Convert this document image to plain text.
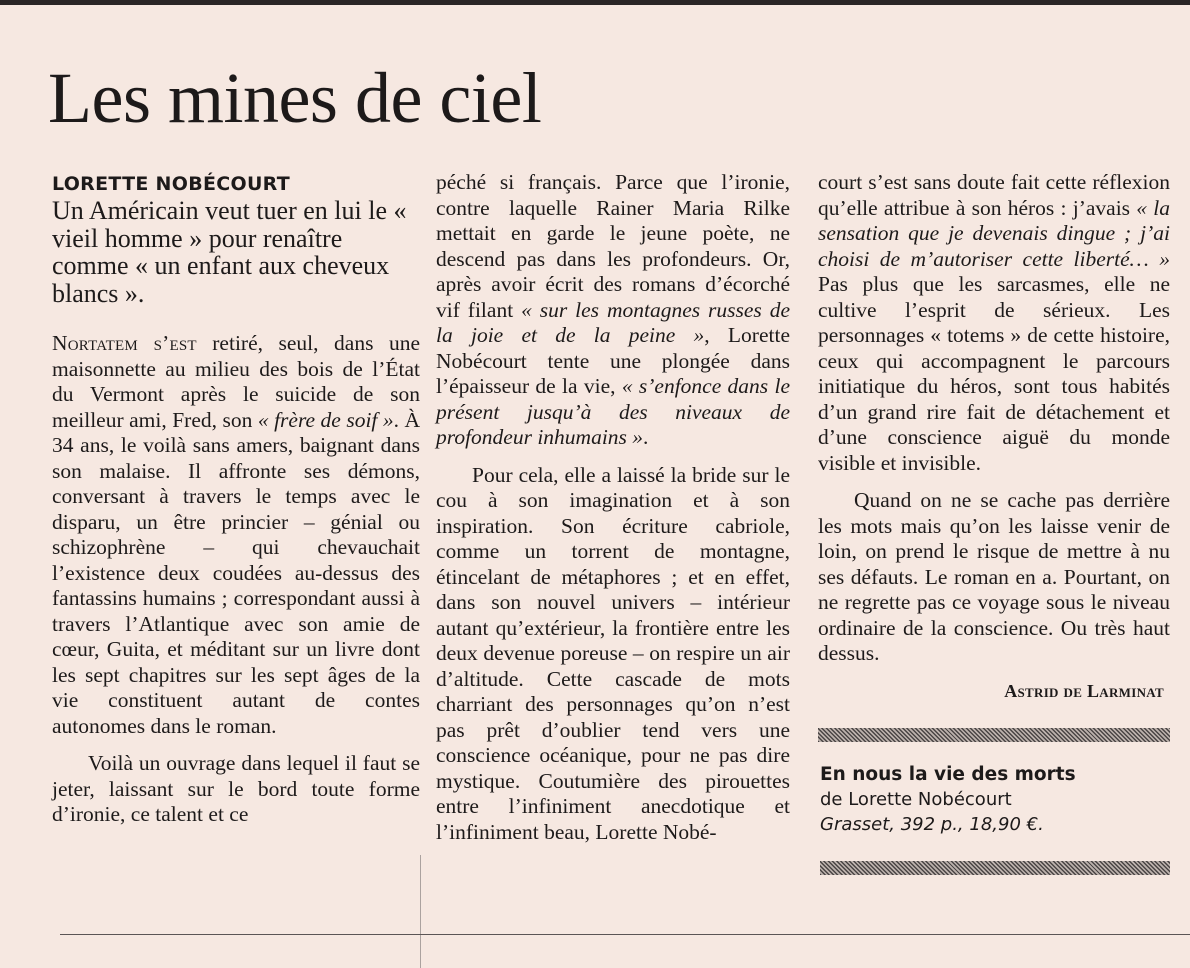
Les mines de ciel
LORETTE NOBÉCOURT
Un Américain veut tuer en lui le « vieil homme » pour renaître comme « un enfant aux cheveux blancs ».

Nortatem s’est retiré, seul, dans une maisonnette au milieu des bois de l’État du Vermont après le suicide de son meilleur ami, Fred, son « frère de soif ». À 34 ans, le voilà sans amers, baignant dans son malaise. Il affronte ses démons, conversant à travers le temps avec le disparu, un être princier – génial ou schizophrène – qui chevauchait l’existence deux coudées au-dessus des fantassins humains ; correspondant aussi à travers l’Atlantique avec son amie de cœur, Guita, et méditant sur un livre dont les sept chapitres sur les sept âges de la vie constituent autant de contes autonomes dans le roman.

Voilà un ouvrage dans lequel il faut se jeter, laissant sur le bord toute forme d’ironie, ce talent et ce

péché si français. Parce que l’ironie, contre laquelle Rainer Maria Rilke mettait en garde le jeune poète, ne descend pas dans les profondeurs. Or, après avoir écrit des romans d’écorché vif filant « sur les montagnes russes de la joie et de la peine », Lorette Nobécourt tente une plongée dans l’épaisseur de la vie, « s’enfonce dans le présent jusqu’à des niveaux de profondeur inhumains ».

Pour cela, elle a laissé la bride sur le cou à son imagination et à son inspiration. Son écriture cabriole, comme un torrent de montagne, étincelant de métaphores ; et en effet, dans son nouvel univers – intérieur autant qu’extérieur, la frontière entre les deux devenue poreuse – on respire un air d’altitude. Cette cascade de mots charriant des personnages qu’on n’est pas prêt d’oublier tend vers une conscience océanique, pour ne pas dire mystique. Coutumière des pirouettes entre l’infiniment anecdotique et l’infiniment beau, Lorette Nobé-

court s’est sans doute fait cette réflexion qu’elle attribue à son héros : j’avais « la sensation que je devenais dingue ; j’ai choisi de m’autoriser cette liberté… » Pas plus que les sarcasmes, elle ne cultive l’esprit de sérieux. Les personnages « totems » de cette histoire, ceux qui accompagnent le parcours initiatique du héros, sont tous habités d’un grand rire fait de détachement et d’une conscience aiguë du monde visible et invisible.

Quand on ne se cache pas derrière les mots mais qu’on les laisse venir de loin, on prend le risque de mettre à nu ses défauts. Le roman en a. Pourtant, on ne regrette pas ce voyage sous le niveau ordinaire de la conscience. Ou très haut dessus.

Astrid de Larminat
En nous la vie des morts
de Lorette Nobécourt
Grasset, 392 p., 18,90 €.
